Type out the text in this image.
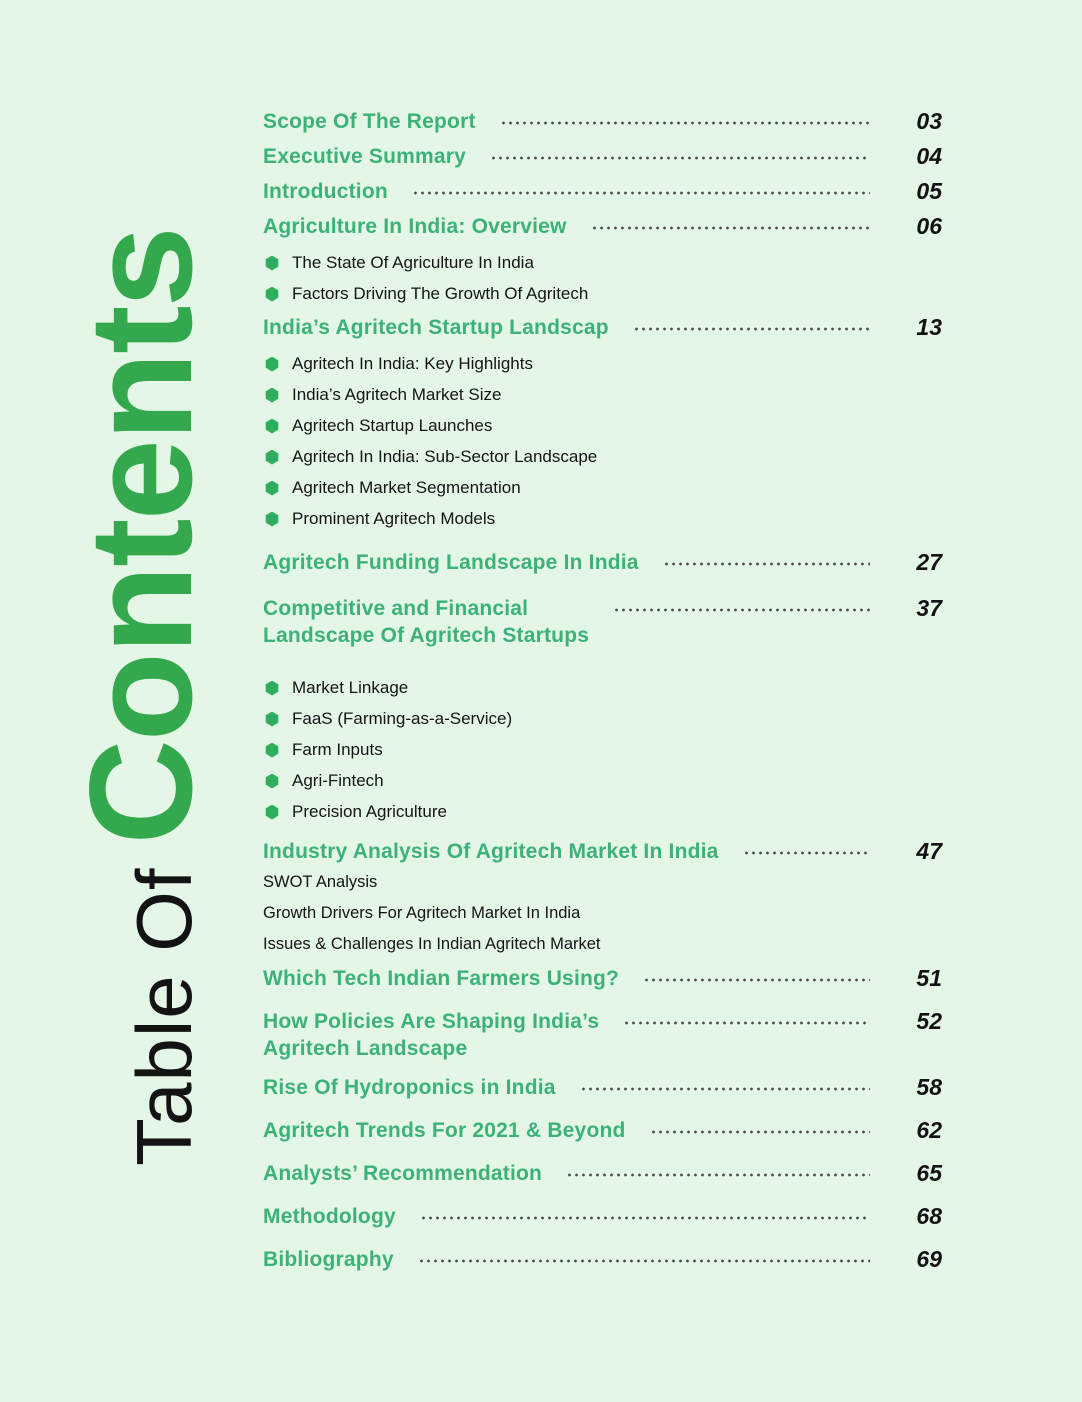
Table Of Contents
Scope Of The Report	03
Executive Summary	04
Introduction	05
Agriculture In India: Overview	06
The State Of Agriculture In India
Factors Driving The Growth Of Agritech
India’s Agritech Startup Landscap	13
Agritech In India: Key Highlights
India’s Agritech Market Size
Agritech Startup Launches
Agritech In India: Sub-Sector Landscape
Agritech Market Segmentation
Prominent Agritech Models
Agritech Funding Landscape In India	27
Competitive and Financial
Landscape Of Agritech Startups
37
Market Linkage
FaaS (Farming-as-a-Service)
Farm Inputs
Agri-Fintech
Precision Agriculture
Industry Analysis Of Agritech Market In India	47
SWOT Analysis
Growth Drivers For Agritech Market In India
Issues & Challenges In Indian Agritech Market
Which Tech Indian Farmers Using?	51
How Policies Are Shaping India’s
Agritech Landscape
52
Rise Of Hydroponics in India	58
Agritech Trends For 2021 & Beyond	62
Analysts’ Recommendation	65
Methodology	68
Bibliography	69
